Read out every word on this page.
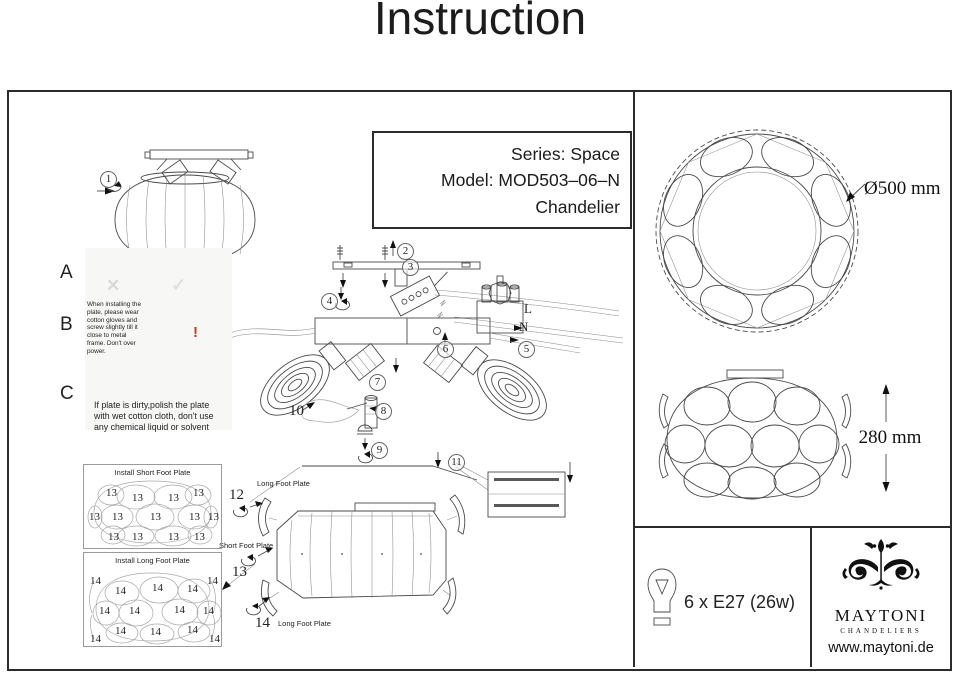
Instruction
Series: Space
Model: MOD503–06–N
Chandelier
Ø500 mm
280 mm
6 x E27 (26w)
MAYTONI
CHANDELIERS
www.maytoni.de
A
B
C
✕	✓
When installing the plate, please wear cotton gloves and screw slightly till it close to metal frame. Don't over power.
If plate is dirty,polish the plate with wet cotton cloth, don't use any chemical liquid or solvent
!
1
2
3
4
5
6
7
8
9
11
10
12
13
14
L
N
Long Foot Plate
Short Foot Plate
Long Foot Plate
Install Short Foot Plate
13 13 13 13
13 13 13	13 13
13 13 13 13
Install Long Foot Plate
14
14 14 14
14
14 14	14 14
14 14 14
14	14
